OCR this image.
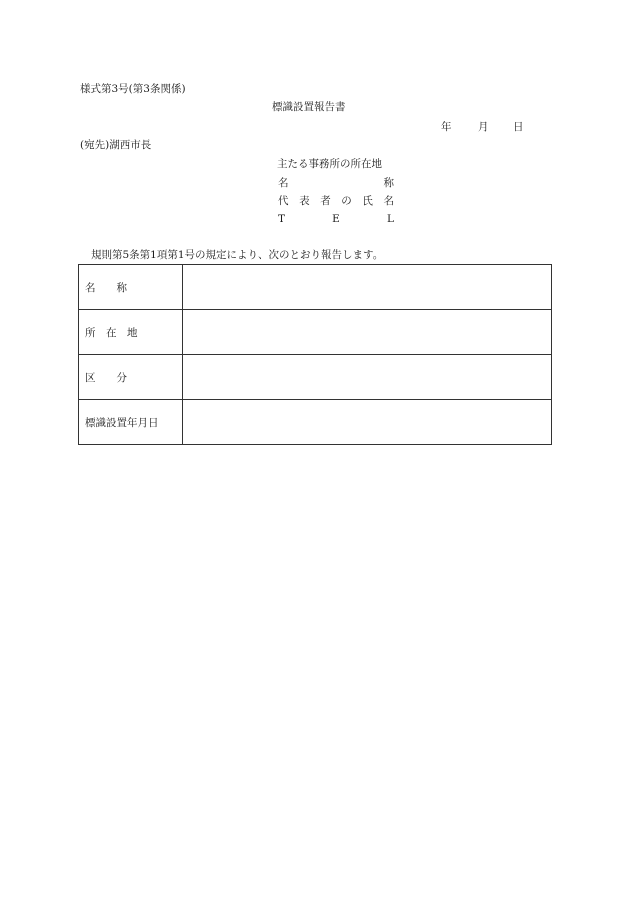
様式第3号(第3条関係)
標識設置報告書
年	月 日
(宛先)湖西市長
主たる事務所の所在地
名	称
代 表 者 の 氏 名
T	E	L
規則第5条第1項第1号の規定により、次のとおり報告します。
名　　称	
所　在　地	
区　　分	
標識設置年月日	
